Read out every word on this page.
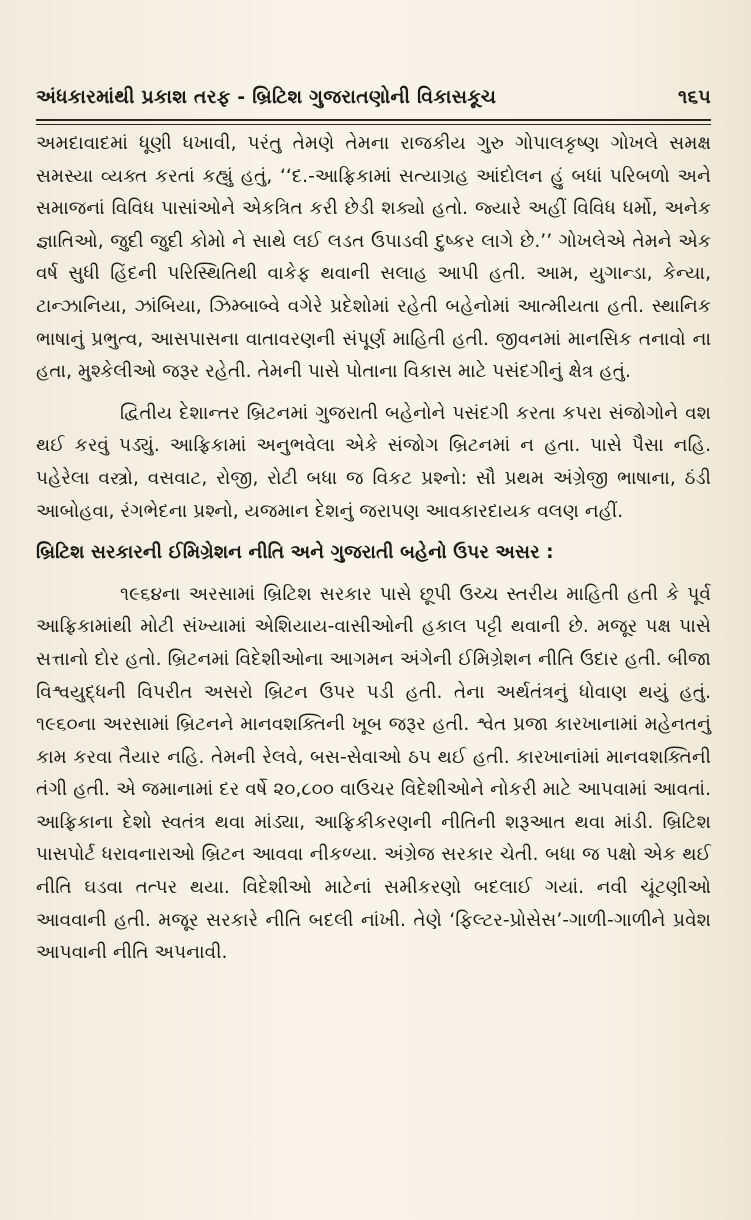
અંધકારમાંથી પ્રકાશ તરફ - બ્રિટિશ ગુજરાતણોની વિકાસકૂચ	૧૬૫

અમદાવાદમાં ધૂણી ધખાવી, પરંતુ તેમણે તેમના રાજકીય ગુરુ ગોપાલકૃષ્ણ ગોખલે સમક્ષ સમસ્યા વ્યક્ત કરતાં કહ્યું હતું, ‘‘દ.-આફ્રિકામાં સત્યાગ્રહ આંદોલન હું બધાં પરિબળો અને સમાજનાં વિવિધ પાસાંઓને એકત્રિત કરી છેડી શક્યો હતો. જ્યારે અહીં વિવિધ ધર્મો, અનેક જ્ઞાતિઓ, જુદી જુદી કોમો ને સાથે લઈ લડત ઉપાડવી દુષ્કર લાગે છે.’’ ગોખલેએ તેમને એક વર્ષ સુધી હિંદની પરિસ્થિતિથી વાકેફ થવાની સલાહ આપી હતી. આમ, યુગાન્ડા, કેન્યા, ટાન્ઝાનિયા, ઝાંબિયા, ઝિમ્બાબ્વે વગેરે પ્રદેશોમાં રહેતી બહેનોમાં આત્મીયતા હતી. સ્થાનિક ભાષાનું પ્રભુત્વ, આસપાસના વાતાવરણની સંપૂર્ણ માહિતી હતી. જીવનમાં માનસિક તનાવો ના હતા, મુશ્કેલીઓ જરૂર રહેતી. તેમની પાસે પોતાના વિકાસ માટે પસંદગીનું ક્ષેત્ર હતું.

દ્વિતીય દેશાન્તર બ્રિટનમાં ગુજરાતી બહેનોને પસંદગી કરતા કપરા સંજોગોને વશ થઈ કરવું પડ્યું. આફ્રિકામાં અનુભવેલા એકે સંજોગ બ્રિટનમાં ન હતા. પાસે પૈસા નહિ. પહેરેલા વસ્ત્રો, વસવાટ, રોજી, રોટી બધા જ વિકટ પ્રશ્નો: સૌ પ્રથમ અંગ્રેજી ભાષાના, ઠંડી આબોહવા, રંગભેદના પ્રશ્નો, યજમાન દેશનું જરાપણ આવકારદાયક વલણ નહીં.

બ્રિટિશ સરકારની ઈમિગ્રેશન નીતિ અને ગુજરાતી બહેનો ઉપર અસર :

૧૯૬૪ના અરસામાં બ્રિટિશ સરકાર પાસે છૂપી ઉચ્ચ સ્તરીય માહિતી હતી કે પૂર્વ આફ્રિકામાંથી મોટી સંખ્યામાં એશિયાય-વાસીઓની હકાલ પટ્ટી થવાની છે. મજૂર પક્ષ પાસે સત્તાનો દોર હતો. બ્રિટનમાં વિદેશીઓના આગમન અંગેની ઈમિગ્રેશન નીતિ ઉદાર હતી. બીજા વિશ્વયુદ્ધની વિપરીત અસરો બ્રિટન ઉપર પડી હતી. તેના અર્થતંત્રનું ધોવાણ થયું હતું. ૧૯૬૦ના અરસામાં બ્રિટનને માનવશક્તિની ખૂબ જરૂર હતી. શ્વેત પ્રજા કારખાનામાં મહેનતનું કામ કરવા તૈયાર નહિ. તેમની રેલવે, બસ-સેવાઓ ઠપ થઈ હતી. કારખાનાંમાં માનવશક્તિની તંગી હતી. એ જમાનામાં દર વર્ષે ૨૦,૮૦૦ વાઉચર વિદેશીઓને નોકરી માટે આપવામાં આવતાં. આફ્રિકાના દેશો સ્વતંત્ર થવા માંડ્યા, આફ્રિકીકરણની નીતિની શરૂઆત થવા માંડી. બ્રિટિશ પાસપોર્ટ ધરાવનારાઓ બ્રિટન આવવા નીકળ્યા. અંગ્રેજ સરકાર ચેતી. બધા જ પક્ષો એક થઈ નીતિ ઘડવા તત્પર થયા. વિદેશીઓ માટેનાં સમીકરણો બદલાઈ ગયાં. નવી ચૂંટણીઓ આવવાની હતી. મજૂર સરકારે નીતિ બદલી નાંખી. તેણે ‘ફિલ્ટર-પ્રોસેસ’-ગાળી-ગાળીને પ્રવેશ આપવાની નીતિ અપનાવી.
